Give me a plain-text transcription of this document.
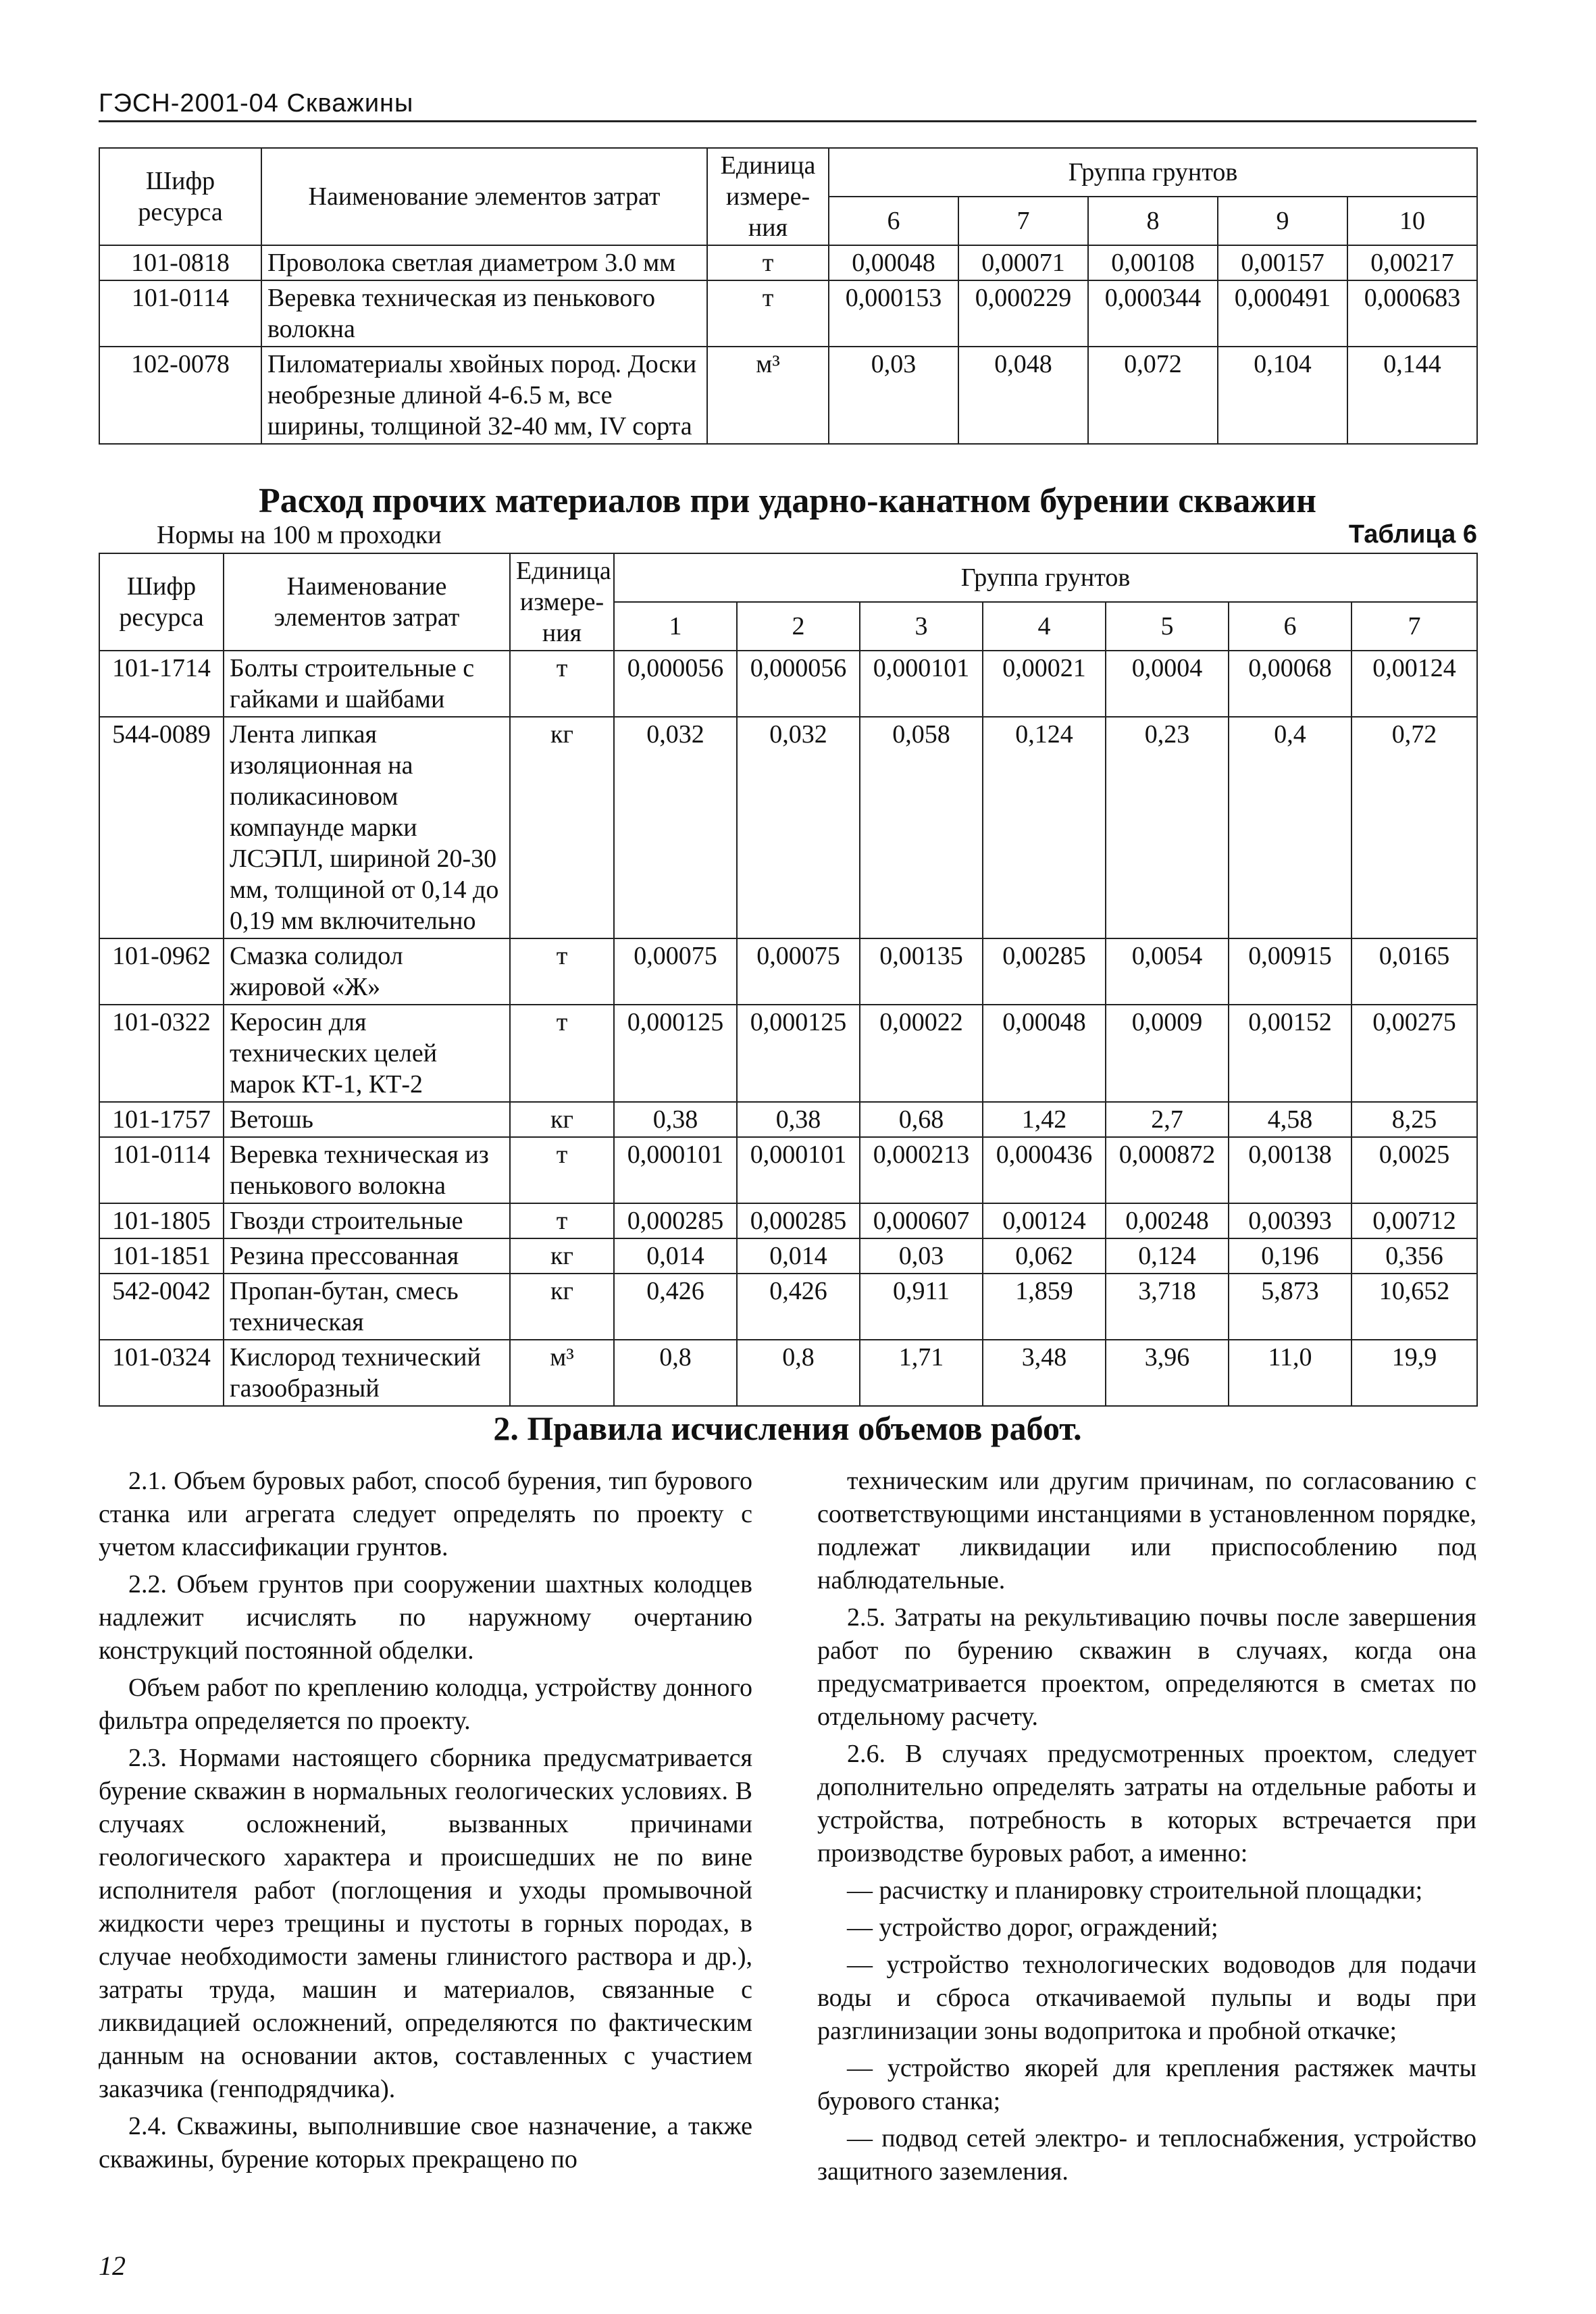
ГЭСН-2001-04 Скважины
Шифр ресурса	Наименование элементов затрат	Единица измере-ния	Группа грунтов				
			6	7	8	9	10
101-0818	Проволока светлая диаметром 3.0 мм	т	0,00048	0,00071	0,00108	0,00157	0,00217
101-0114	Веревка техническая из пенькового волокна	т	0,000153	0,000229	0,000344	0,000491	0,000683
102-0078	Пиломатериалы хвойных пород. Доски необрезные длиной 4-6.5 м, все ширины, толщиной 32-40 мм, IV сорта	м³	0,03	0,048	0,072	0,104	0,144
Расход прочих материалов при ударно-канатном бурении скважин
Нормы на 100 м проходки	Таблица 6
Шифр ресурса	Наименование элементов затрат	Единица измере-ния	Группа грунтов						
			1	2	3	4	5	6	7
101-1714	Болты строительные с гайками и шайбами	т	0,000056	0,000056	0,000101	0,00021	0,0004	0,00068	0,00124
544-0089	Лента липкая изоляционная на поликасиновом компаунде марки ЛСЭПЛ, шириной 20-30 мм, толщиной от 0,14 до 0,19 мм включительно	кг	0,032	0,032	0,058	0,124	0,23	0,4	0,72
101-0962	Смазка солидол жировой «Ж»	т	0,00075	0,00075	0,00135	0,00285	0,0054	0,00915	0,0165
101-0322	Керосин для технических целей марок КТ-1, КТ-2	т	0,000125	0,000125	0,00022	0,00048	0,0009	0,00152	0,00275
101-1757	Ветошь	кг	0,38	0,38	0,68	1,42	2,7	4,58	8,25
101-0114	Веревка техническая из пенькового волокна	т	0,000101	0,000101	0,000213	0,000436	0,000872	0,00138	0,0025
101-1805	Гвозди строительные	т	0,000285	0,000285	0,000607	0,00124	0,00248	0,00393	0,00712
101-1851	Резина прессованная	кг	0,014	0,014	0,03	0,062	0,124	0,196	0,356
542-0042	Пропан-бутан, смесь техническая	кг	0,426	0,426	0,911	1,859	3,718	5,873	10,652
101-0324	Кислород технический газообразный	м³	0,8	0,8	1,71	3,48	3,96	11,0	19,9
2. Правила исчисления объемов работ.

2.1. Объем буровых работ, способ бурения, тип бурового станка или агрегата следует определять по проекту с учетом классификации грунтов.

2.2. Объем грунтов при сооружении шахтных колодцев надлежит исчислять по наружному очертанию конструкций постоянной обделки.

Объем работ по креплению колодца, устройству донного фильтра определяется по проекту.

2.3. Нормами настоящего сборника предусматривается бурение скважин в нормальных геологических условиях. В случаях осложнений, вызванных причинами геологического характера и происшедших не по вине исполнителя работ (поглощения и уходы промывочной жидкости через трещины и пустоты в горных породах, в случае необходимости замены глинистого раствора и др.), затраты труда, машин и материалов, связанные с ликвидацией осложнений, определяются по фактическим данным на основании актов, составленных с участием заказчика (генподрядчика).

2.4. Скважины, выполнившие свое назначение, а также скважины, бурение которых прекращено по

техническим или другим причинам, по согласованию с соответствующими инстанциями в установленном порядке, подлежат ликвидации или приспособлению под наблюдательные.

2.5. Затраты на рекультивацию почвы после завершения работ по бурению скважин в случаях, когда она предусматривается проектом, определяются в сметах по отдельному расчету.

2.6. В случаях предусмотренных проектом, следует дополнительно определять затраты на отдельные работы и устройства, потребность в которых встречается при производстве буровых работ, а именно:

— расчистку и планировку строительной площадки;

— устройство дорог, ограждений;

— устройство технологических водоводов для подачи воды и сброса откачиваемой пульпы и воды при разглинизации зоны водопритока и пробной откачке;

— устройство якорей для крепления растяжек мачты бурового станка;

— подвод сетей электро- и теплоснабжения, устройство защитного заземления.

12
